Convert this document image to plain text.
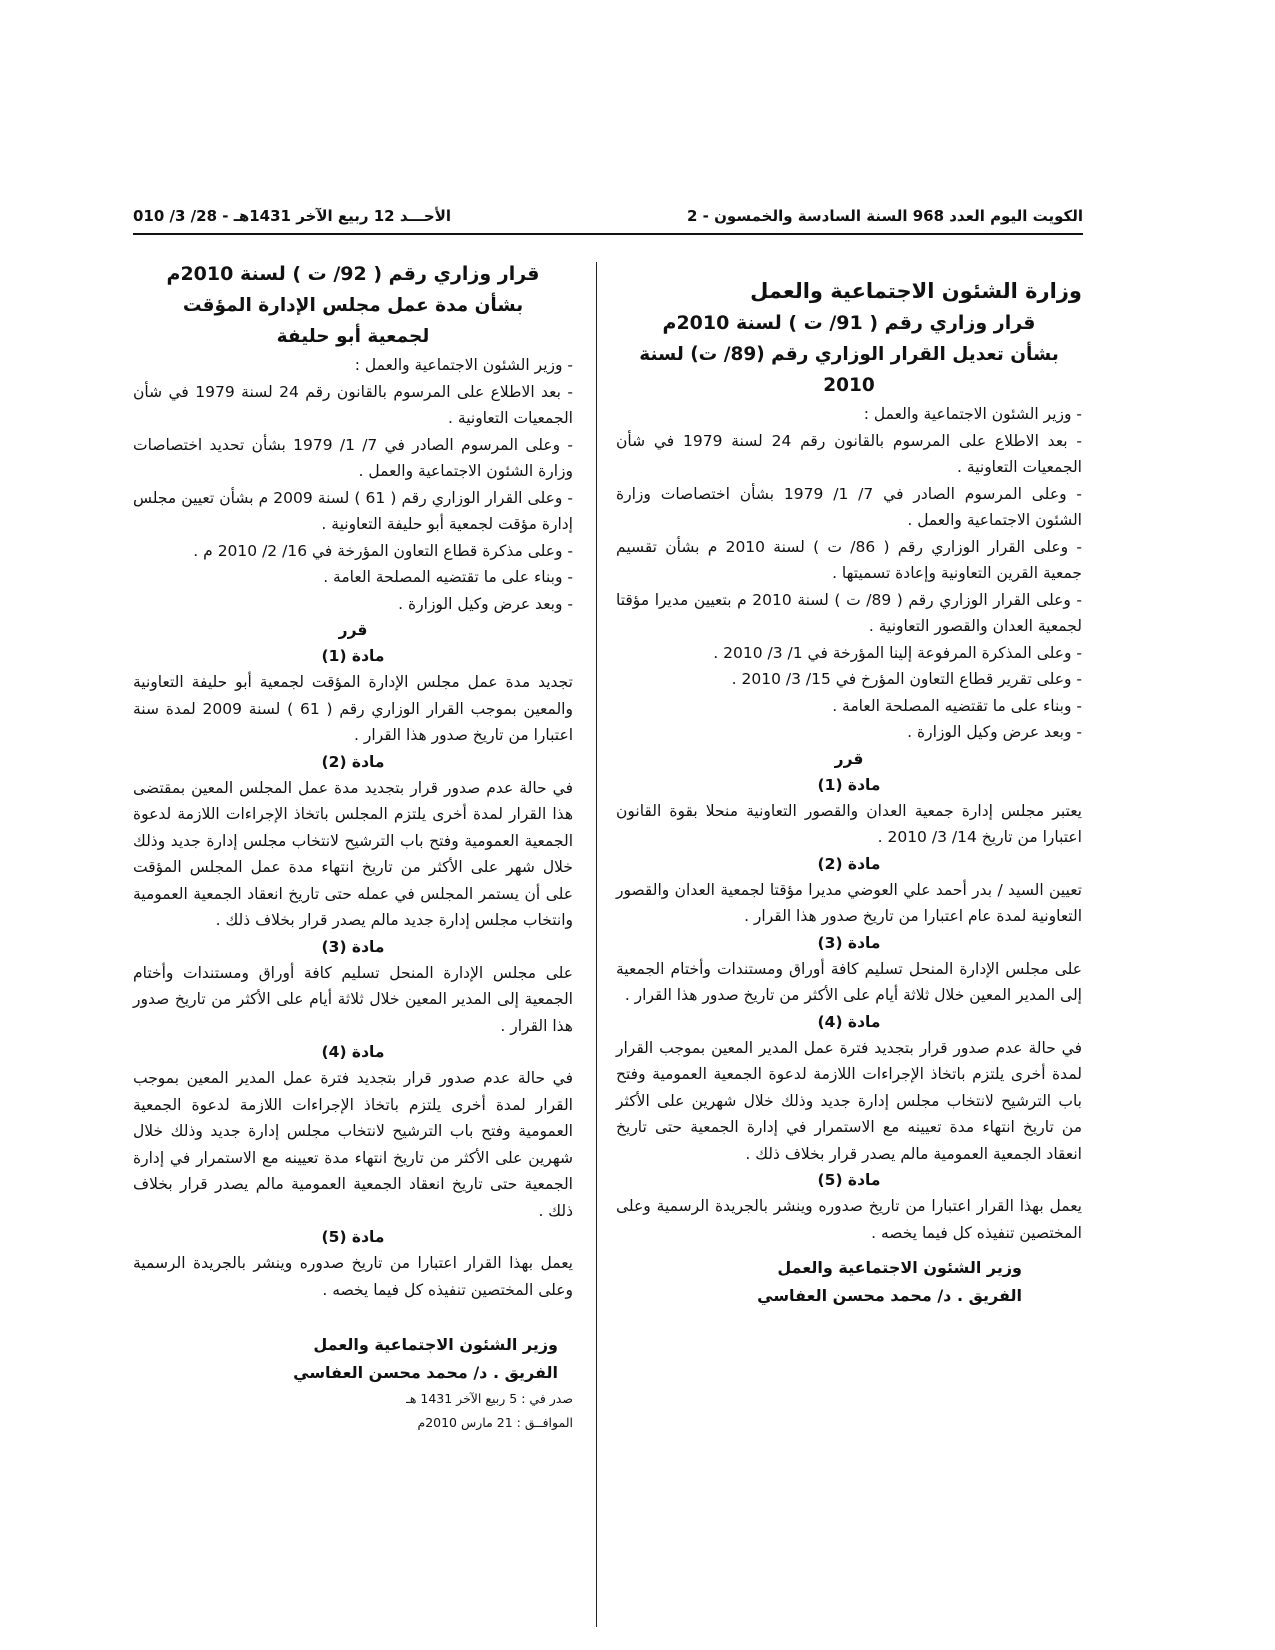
الكويت اليوم العدد 968 السنة السادسة والخمسون - 2
الأحـــد 12 ربيع الآخر 1431هـ - 28/ 3/ 010

وزارة الشئون الاجتماعية والعمل

قرار وزاري رقم ( 91/ ت ) لسنة 2010م

بشأن تعديل القرار الوزاري رقم (89/ ت) لسنة 2010

- وزير الشئون الاجتماعية والعمل :

- بعد الاطلاع على المرسوم بالقانون رقم 24 لسنة 1979 في شأن الجمعيات التعاونية .

- وعلى المرسوم الصادر في 7/ 1/ 1979 بشأن اختصاصات وزارة الشئون الاجتماعية والعمل .

- وعلى القرار الوزاري رقم ( 86/ ت ) لسنة 2010 م بشأن تقسيم جمعية القرين التعاونية وإعادة تسميتها .

- وعلى القرار الوزاري رقم ( 89/ ت ) لسنة 2010 م بتعيين مديرا مؤقتا لجمعية العدان والقصور التعاونية .

- وعلى المذكرة المرفوعة إلينا المؤرخة في 1/ 3/ 2010 .

- وعلى تقرير قطاع التعاون المؤرخ في 15/ 3/ 2010 .

- وبناء على ما تقتضيه المصلحة العامة .

- وبعد عرض وكيل الوزارة .

قرر

مادة (1)

يعتبر مجلس إدارة جمعية العدان والقصور التعاونية منحلا بقوة القانون اعتبارا من تاريخ 14/ 3/ 2010 .

مادة (2)

تعيين السيد / بدر أحمد علي العوضي مديرا مؤقتا لجمعية العدان والقصور التعاونية لمدة عام اعتبارا من تاريخ صدور هذا القرار .

مادة (3)

على مجلس الإدارة المنحل تسليم كافة أوراق ومستندات وأختام الجمعية إلى المدير المعين خلال ثلاثة أيام على الأكثر من تاريخ صدور هذا القرار .

مادة (4)

في حالة عدم صدور قرار بتجديد فترة عمل المدير المعين بموجب القرار لمدة أخرى يلتزم باتخاذ الإجراءات اللازمة لدعوة الجمعية العمومية وفتح باب الترشيح لانتخاب مجلس إدارة جديد وذلك خلال شهرين على الأكثر من تاريخ انتهاء مدة تعيينه مع الاستمرار في إدارة الجمعية حتى تاريخ انعقاد الجمعية العمومية مالم يصدر قرار بخلاف ذلك .

مادة (5)

يعمل بهذا القرار اعتبارا من تاريخ صدوره وينشر بالجريدة الرسمية وعلى المختصين تنفيذه كل فيما يخصه .

وزير الشئون الاجتماعية والعمل

الفريق . د/ محمد محسن العفاسي

قرار وزاري رقم ( 92/ ت ) لسنة 2010م

بشأن مدة عمل مجلس الإدارة المؤقت

لجمعية أبو حليفة

- وزير الشئون الاجتماعية والعمل :

- بعد الاطلاع على المرسوم بالقانون رقم 24 لسنة 1979 في شأن الجمعيات التعاونية .

- وعلى المرسوم الصادر في 7/ 1/ 1979 بشأن تحديد اختصاصات وزارة الشئون الاجتماعية والعمل .

- وعلى القرار الوزاري رقم ( 61 ) لسنة 2009 م بشأن تعيين مجلس إدارة مؤقت لجمعية أبو حليفة التعاونية .

- وعلى مذكرة قطاع التعاون المؤرخة في 16/ 2/ 2010 م .

- وبناء على ما تقتضيه المصلحة العامة .

- وبعد عرض وكيل الوزارة .

قرر

مادة (1)

تجديد مدة عمل مجلس الإدارة المؤقت لجمعية أبو حليفة التعاونية والمعين بموجب القرار الوزاري رقم ( 61 ) لسنة 2009 لمدة سنة اعتبارا من تاريخ صدور هذا القرار .

مادة (2)

في حالة عدم صدور قرار بتجديد مدة عمل المجلس المعين بمقتضى هذا القرار لمدة أخرى يلتزم المجلس باتخاذ الإجراءات اللازمة لدعوة الجمعية العمومية وفتح باب الترشيح لانتخاب مجلس إدارة جديد وذلك خلال شهر على الأكثر من تاريخ انتهاء مدة عمل المجلس المؤقت على أن يستمر المجلس في عمله حتى تاريخ انعقاد الجمعية العمومية وانتخاب مجلس إدارة جديد مالم يصدر قرار بخلاف ذلك .

مادة (3)

على مجلس الإدارة المنحل تسليم كافة أوراق ومستندات وأختام الجمعية إلى المدير المعين خلال ثلاثة أيام على الأكثر من تاريخ صدور هذا القرار .

مادة (4)

في حالة عدم صدور قرار بتجديد فترة عمل المدير المعين بموجب القرار لمدة أخرى يلتزم باتخاذ الإجراءات اللازمة لدعوة الجمعية العمومية وفتح باب الترشيح لانتخاب مجلس إدارة جديد وذلك خلال شهرين على الأكثر من تاريخ انتهاء مدة تعيينه مع الاستمرار في إدارة الجمعية حتى تاريخ انعقاد الجمعية العمومية مالم يصدر قرار بخلاف ذلك .

مادة (5)

يعمل بهذا القرار اعتبارا من تاريخ صدوره وينشر بالجريدة الرسمية وعلى المختصين تنفيذه كل فيما يخصه .

وزير الشئون الاجتماعية والعمل

الفريق . د/ محمد محسن العفاسي

صدر في : 5 ربيع الآخر 1431 هـ

الموافــق : 21 مارس 2010م
